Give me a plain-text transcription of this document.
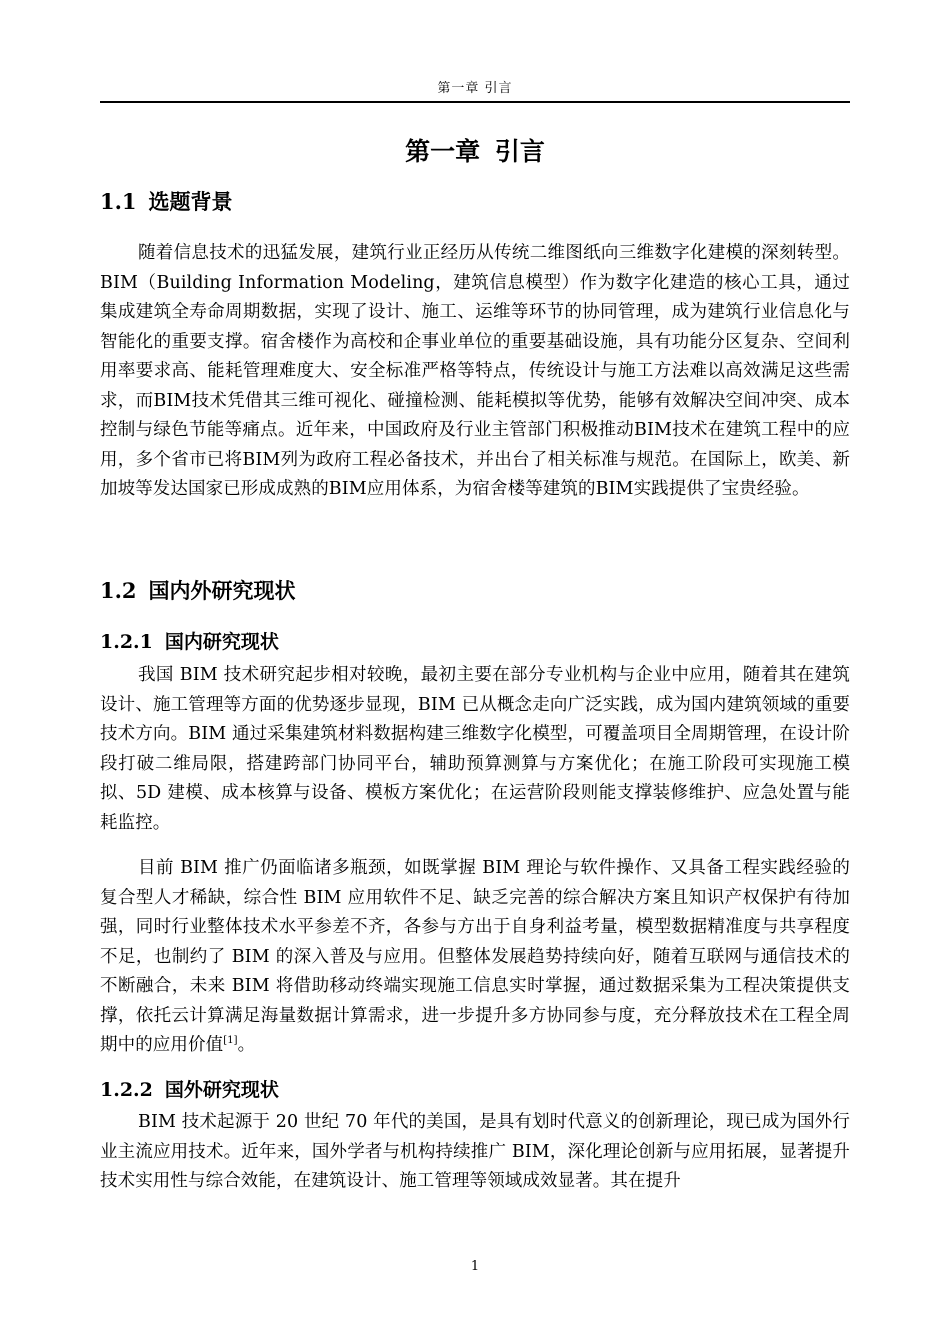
第一章 引言
第一章 引言
1.1 选题背景

随着信息技术的迅猛发展，建筑行业正经历从传统二维图纸向三维数字化建模的深刻转型。BIM（Building Information Modeling，建筑信息模型）作为数字化建造的核心工具，通过集成建筑全寿命周期数据，实现了设计、施工、运维等环节的协同管理，成为建筑行业信息化与智能化的重要支撑。宿舍楼作为高校和企事业单位的重要基础设施，具有功能分区复杂、空间利用率要求高、能耗管理难度大、安全标准严格等特点，传统设计与施工方法难以高效满足这些需求，而BIM技术凭借其三维可视化、碰撞检测、能耗模拟等优势，能够有效解决空间冲突、成本控制与绿色节能等痛点。近年来，中国政府及行业主管部门积极推动BIM技术在建筑工程中的应用，多个省市已将BIM列为政府工程必备技术，并出台了相关标准与规范。在国际上，欧美、新加坡等发达国家已形成成熟的BIM应用体系，为宿舍楼等建筑的BIM实践提供了宝贵经验。

1.2 国内外研究现状
1.2.1 国内研究现状

我国 BIM 技术研究起步相对较晚，最初主要在部分专业机构与企业中应用，随着其在建筑设计、施工管理等方面的优势逐步显现，BIM 已从概念走向广泛实践，成为国内建筑领域的重要技术方向。BIM 通过采集建筑材料数据构建三维数字化模型，可覆盖项目全周期管理，在设计阶段打破二维局限，搭建跨部门协同平台，辅助预算测算与方案优化；在施工阶段可实现施工模拟、5D 建模、成本核算与设备、模板方案优化；在运营阶段则能支撑装修维护、应急处置与能耗监控。

目前 BIM 推广仍面临诸多瓶颈，如既掌握 BIM 理论与软件操作、又具备工程实践经验的复合型人才稀缺，综合性 BIM 应用软件不足、缺乏完善的综合解决方案且知识产权保护有待加强，同时行业整体技术水平参差不齐，各参与方出于自身利益考量，模型数据精准度与共享程度不足，也制约了 BIM 的深入普及与应用。但整体发展趋势持续向好，随着互联网与通信技术的不断融合，未来 BIM 将借助移动终端实现施工信息实时掌握，通过数据采集为工程决策提供支撑，依托云计算满足海量数据计算需求，进一步提升多方协同参与度，充分释放技术在工程全周期中的应用价值[1]。

1.2.2 国外研究现状

BIM 技术起源于 20 世纪 70 年代的美国，是具有划时代意义的创新理论，现已成为国外行业主流应用技术。近年来，国外学者与机构持续推广 BIM，深化理论创新与应用拓展，显著提升技术实用性与综合效能，在建筑设计、施工管理等领域成效显著。其在提升

1
